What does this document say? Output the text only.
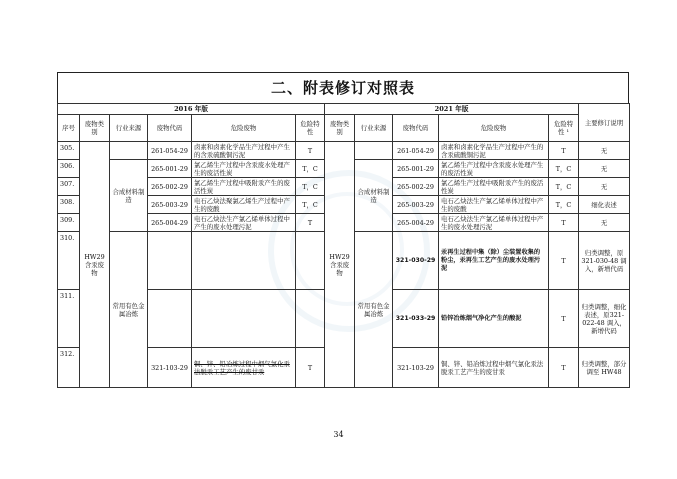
二、附表修订对照表
2016 年版						2021 年版					主要修订说明
序号	废物类别	行业来源	废物代码	危险废物	危险特性	废物类别	行业来源	废物代码	危险废物	危险特性 ¹	
305.	HW29含汞废物		261-054-29	卤素和卤素化学品生产过程中产生的含汞硫酸铜污泥	T	HW29含汞废物		261-054-29	卤素和卤素化学品生产过程中产生的含汞硫酸铜污泥	T	无
306.		合成材料制造	265-001-29	氯乙烯生产过程中含汞废水处理产生的废活性炭	T，C		合成材料制造	265-001-29	氯乙烯生产过程中含汞废水处理产生的废活性炭	T，C	无
307.			265-002-29	氯乙烯生产过程中吸附汞产生的废活性炭	T，C			265-002-29	氯乙烯生产过程中吸附汞产生的废活性炭	T，C	无
308.			265-003-29	电石乙炔法聚氯乙烯生产过程中产生的废酸	T，C			265-003-29	电石乙炔法生产氯乙烯单体过程中产生的废酸	T，C	细化表述
309.			265-004-29	电石乙炔法生产氯乙烯单体过程中产生的废水处理污泥	T			265-004-29	电石乙炔法生产氯乙烯单体过程中产生的废水处理污泥	T	无
310.		常用有色金属冶炼					常用有色金属冶炼	321-030-29	汞再生过程中集（除）尘装置收集的粉尘，汞再生工艺产生的废水处理污泥	T	归类调整，原321-030-48 调入，新增代码
311.								321-033-29	铅锌冶炼烟气净化产生的酸泥	T	归类调整，细化表述，原321-022-48 调入，新增代码
312.			321-103-29	铜、锌、铅冶炼过程中烟气氯化汞法脱汞工艺产生的废甘汞	T			321-103-29	铜、锌、铅冶炼过程中烟气氯化汞法脱汞工艺产生的废甘汞	T	归类调整，部分调至 HW48
34
